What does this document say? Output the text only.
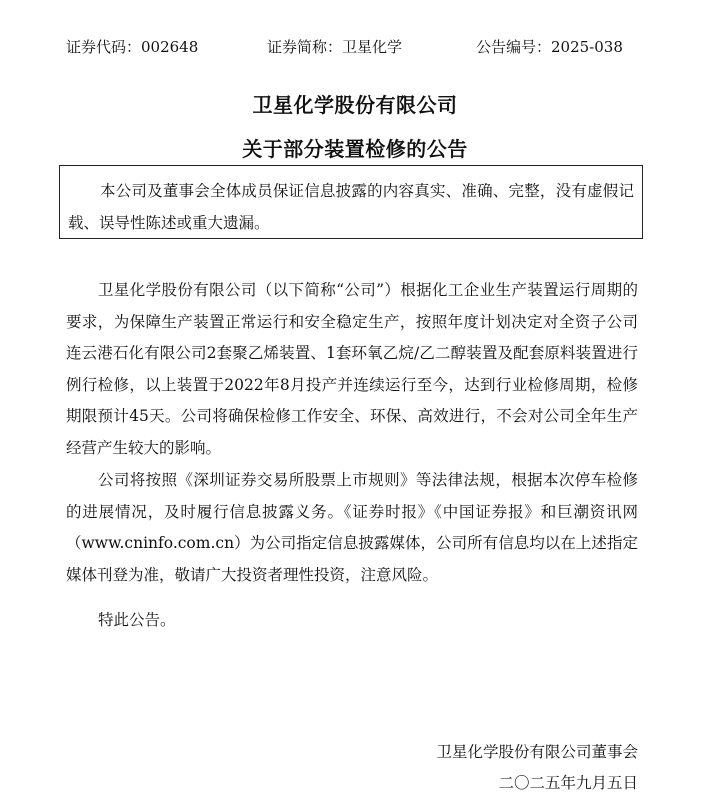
证券代码：002648	证券简称：卫星化学	公告编号：2025-038
卫星化学股份有限公司
关于部分装置检修的公告
本公司及董事会全体成员保证信息披露的内容真实、准确、完整，没有虚假记载、误导性陈述或重大遗漏。

卫星化学股份有限公司（以下简称“公司”）根据化工企业生产装置运行周期的要求，为保障生产装置正常运行和安全稳定生产，按照年度计划决定对全资子公司连云港石化有限公司2套聚乙烯装置、1套环氧乙烷/乙二醇装置及配套原料装置进行例行检修，以上装置于2022年8月投产并连续运行至今，达到行业检修周期，检修期限预计45天。公司将确保检修工作安全、环保、高效进行，不会对公司全年生产经营产生较大的影响。

公司将按照《深圳证券交易所股票上市规则》等法律法规，根据本次停车检修的进展情况，及时履行信息披露义务。《证券时报》《中国证券报》和巨潮资讯网（www.cninfo.com.cn）为公司指定信息披露媒体，公司所有信息均以在上述指定媒体刊登为准，敬请广大投资者理性投资，注意风险。

特此公告。

卫星化学股份有限公司董事会
二〇二五年九月五日
